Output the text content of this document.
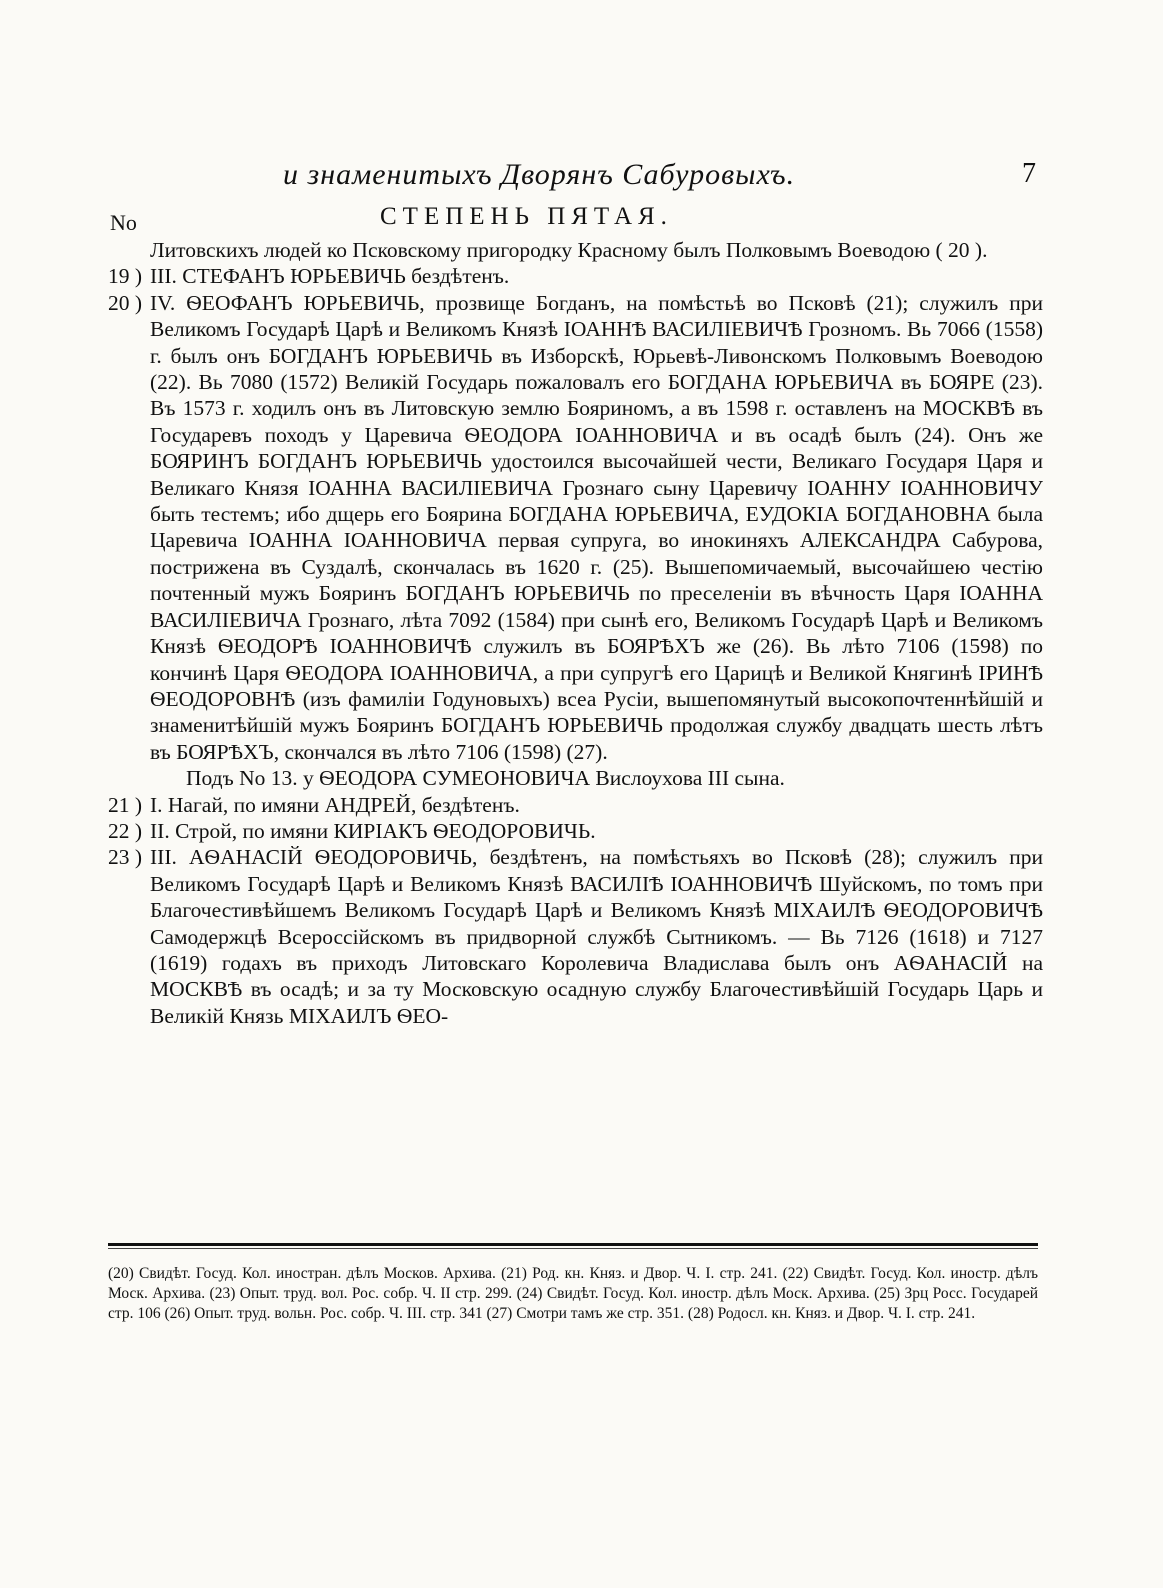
и знаменитыхъ Дворянъ Сабуровыхъ.	7
No	СТЕПЕНЬ ПЯТАЯ.
Литовскихъ людей ко Псковскому пригородку Красному былъ Полковымъ Воеводою ( 20 ).
19 ) III. СТЕФАНЪ ЮРЬЕВИЧЬ бездѣтенъ.
20 ) IV. ѲЕОФАНЪ ЮРЬЕВИЧЬ, прозвище Богданъ, на помѣстьѣ во Псковѣ (21); служилъ при Великомъ Государѣ Царѣ и Великомъ Князѣ ІОАННѢ ВАСИЛІЕВИЧѢ Грозномъ. Вь 7066 (1558) г. былъ онъ БОГДАНЪ ЮРЬЕВИЧЬ въ Изборскѣ, Юрьевѣ-Ливонскомъ Полковымъ Воеводою (22). Вь 7080 (1572) Великій Государь пожаловалъ его БОГДАНА ЮРЬЕВИЧА въ БОЯРЕ (23). Въ 1573 г. ходилъ онъ въ Литовскую землю Бояриномъ, а въ 1598 г. оставленъ на МОСКВѢ въ Государевъ походъ у Царевича ѲЕОДОРА ІОАННОВИЧА и въ осадѣ былъ (24). Онъ же БОЯРИНЪ БОГДАНЪ ЮРЬЕВИЧЬ удостоился высочайшей чести, Великаго Государя Царя и Великаго Князя ІОАННА ВАСИЛІЕВИЧА Грознаго сыну Царевичу ІОАННУ ІОАННОВИЧУ быть тестемъ; ибо дщерь его Боярина БОГДАНА ЮРЬЕВИЧА, ЕУДОКІА БОГДАНОВНА была Царевича ІОАННА ІОАННОВИЧА первая супруга, во инокиняхъ АЛЕКСАНДРА Сабурова, пострижена въ Суздалѣ, скончалась въ 1620 г. (25). Вышепомичаемый, высочайшею честію почтенный мужъ Бояринъ БОГДАНЪ ЮРЬЕВИЧЬ по преселеніи въ вѣчность Царя ІОАННА ВАСИЛІЕВИЧА Грознаго, лѣта 7092 (1584) при сынѣ его, Великомъ Государѣ Царѣ и Великомъ Князѣ ѲЕОДОРѢ ІОАННОВИЧѢ служилъ въ БОЯРѢХЪ же (26). Вь лѣто 7106 (1598) по кончинѣ Царя ѲЕОДОРА ІОАННОВИЧА, а при супругѣ его Царицѣ и Великой Княгинѣ ІРИНѢ ѲЕОДОРОВНѢ (изъ фамиліи Годуновыхъ) всеа Русіи, вышепомянутый высокопочтеннѣйшій и знаменитѣйшій мужъ Бояринъ БОГДАНЪ ЮРЬЕВИЧЬ продолжая службу двадцать шесть лѣтъ въ БОЯРѢХЪ, скончался въ лѣто 7106 (1598) (27).
Подъ No 13. у ѲЕОДОРА СУМЕОНОВИЧА Вислоухова III сына.
21 ) I. Нагай, по имяни АНДРЕЙ, бездѣтенъ.
22 ) II. Строй, по имяни КИРІАКЪ ѲЕОДОРОВИЧЬ.
23 ) III. АѲАНАСІЙ ѲЕОДОРОВИЧЬ, бездѣтенъ, на помѣстьяхъ во Псковѣ (28); служилъ при Великомъ Государѣ Царѣ и Великомъ Князѣ ВАСИЛІѢ ІОАННОВИЧѢ Шуйскомъ, по томъ при Благочестивѣйшемъ Великомъ Государѣ Царѣ и Великомъ Князѣ МІХАИЛѢ ѲЕОДОРОВИЧѢ Самодержцѣ Всероссійскомъ въ придворной службѣ Сытникомъ. — Вь 7126 (1618) и 7127 (1619) годахъ въ приходъ Литовскаго Королевича Владислава былъ онъ АѲАНАСІЙ на МОСКВѢ въ осадѣ; и за ту Московскую осадную службу Благочестивѣйшій Государь Царь и Великій Князь МІХАИЛЪ ѲЕО-
(20) Свидѣт. Госуд. Кол. иностран. дѣлъ Москов. Архива. (21) Род. кн. Княз. и Двор. Ч. I. стр. 241. (22) Свидѣт. Госуд. Кол. иностр. дѣлъ Моск. Архива. (23) Опыт. труд. вол. Рос. собр. Ч. II стр. 299. (24) Свидѣт. Госуд. Кол. иностр. дѣлъ Моск. Архива. (25) Зрц Росс. Государей стр. 106 (26) Опыт. труд. вольн. Рос. собр. Ч. III. стр. 341 (27) Смотри тамъ же стр. 351. (28) Родосл. кн. Княз. и Двор. Ч. I. стр. 241.
